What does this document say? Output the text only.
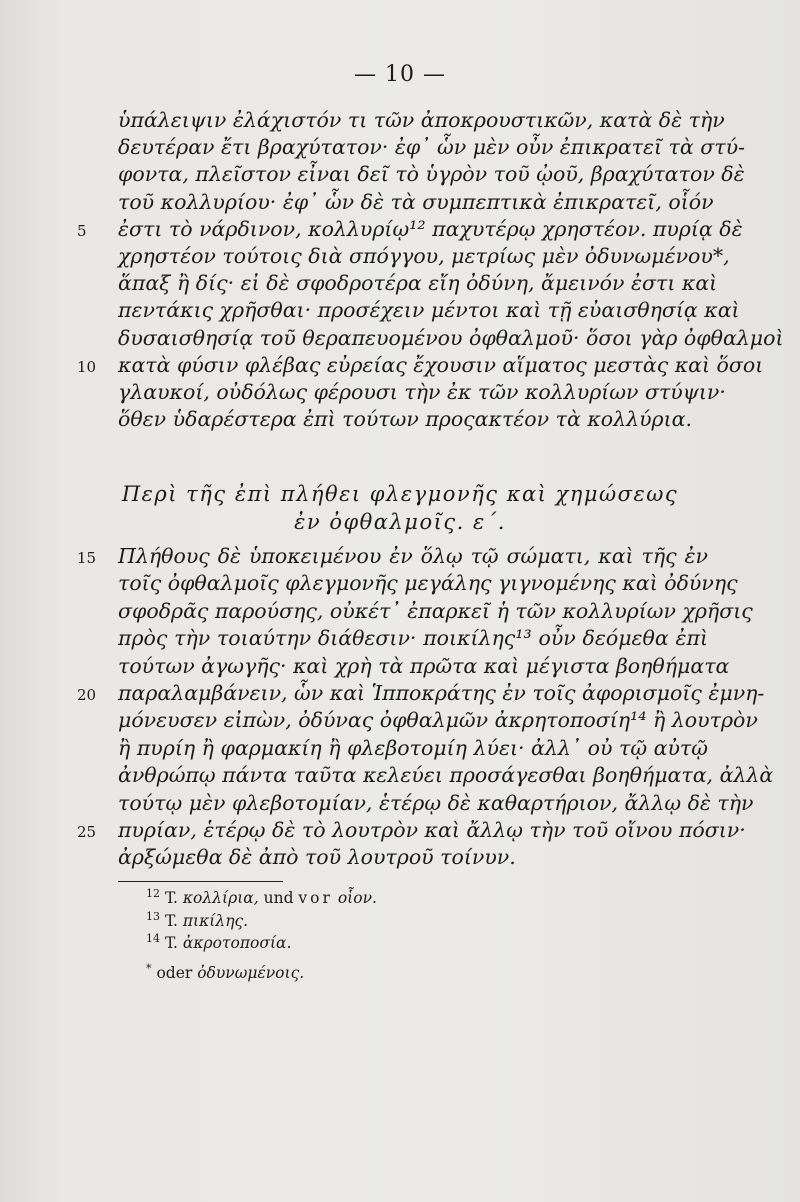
— 10 —
ὑπάλειψιν ἐλάχιστόν τι τῶν ἀποκρουστικῶν, κατὰ δὲ τὴν
δευτέραν ἔτι βραχύτατον· ἐφ᾿ ὧν μὲν οὖν ἐπικρατεῖ τὰ στύ-
φοντα, πλεῖστον εἶναι δεῖ τὸ ὑγρὸν τοῦ ᾠοῦ, βραχύτατον δὲ
τοῦ κολλυρίου· ἐφ᾿ ὧν δὲ τὰ συμπεπτικὰ ἐπικρατεῖ, οἷόν
5 ἐστι τὸ νάρδινον, κολλυρίῳ¹² παχυτέρῳ χρηστέον. πυρίᾳ δὲ
χρηστέον τούτοις διὰ σπόγγου, μετρίως μὲν ὀδυνωμένου*,
ἅπαξ ἢ δίς· εἰ δὲ σφοδροτέρα εἴη ὀδύνη, ἄμεινόν ἐστι καὶ
πεντάκις χρῆσθαι· προσέχειν μέντοι καὶ τῇ εὐαισθησίᾳ καὶ
δυσαισθησίᾳ τοῦ θεραπευομένου ὀφθαλμοῦ· ὅσοι γὰρ ὀφθαλμοὶ
10 κατὰ φύσιν φλέβας εὐρείας ἔχουσιν αἵματος μεστὰς καὶ ὅσοι
γλαυκοί, οὐδόλως φέρουσι τὴν ἐκ τῶν κολλυρίων στύψιν·
ὅθεν ὑδαρέστερα ἐπὶ τούτων προςακτέον τὰ κολλύρια.
Περὶ τῆς ἐπὶ πλήθει φλεγμονῆς καὶ χημώσεως
ἐν ὀφθαλμοῖς. ε΄.
15 Πλήθους δὲ ὑποκειμένου ἐν ὅλῳ τῷ σώματι, καὶ τῆς ἐν
τοῖς ὀφθαλμοῖς φλεγμονῆς μεγάλης γιγνομένης καὶ ὀδύνης
σφοδρᾶς παρούσης, οὐκέτ᾿ ἐπαρκεῖ ἡ τῶν κολλυρίων χρῆσις
πρὸς τὴν τοιαύτην διάθεσιν· ποικίλης¹³ οὖν δεόμεθα ἐπὶ
τούτων ἀγωγῆς· καὶ χρὴ τὰ πρῶτα καὶ μέγιστα βοηθήματα
20 παραλαμβάνειν, ὧν καὶ Ἱπποκράτης ἐν τοῖς ἀφορισμοῖς ἐμνη-
μόνευσεν εἰπὼν, ὀδύνας ὀφθαλμῶν ἀκρητοποσίη¹⁴ ἢ λουτρὸν
ἢ πυρίη ἢ φαρμακίη ἢ φλεβοτομίη λύει· ἀλλ᾿ οὐ τῷ αὐτῷ
ἀνθρώπῳ πάντα ταῦτα κελεύει προσάγεσθαι βοηθήματα, ἀλλὰ
τούτῳ μὲν φλεβοτομίαν, ἑτέρῳ δὲ καθαρτήριον, ἄλλῳ δὲ τὴν
25 πυρίαν, ἑτέρῳ δὲ τὸ λουτρὸν καὶ ἄλλῳ τὴν τοῦ οἴνου πόσιν·
ἀρξώμεθα δὲ ἀπὸ τοῦ λουτροῦ τοίνυν.
$^{12}$ T. κολλίρια, und vor οἷον.
$^{13}$ T. πικίλης.
$^{14}$ T. ἀκροτοποσία.
* oder ὀδυνωμένοις.
